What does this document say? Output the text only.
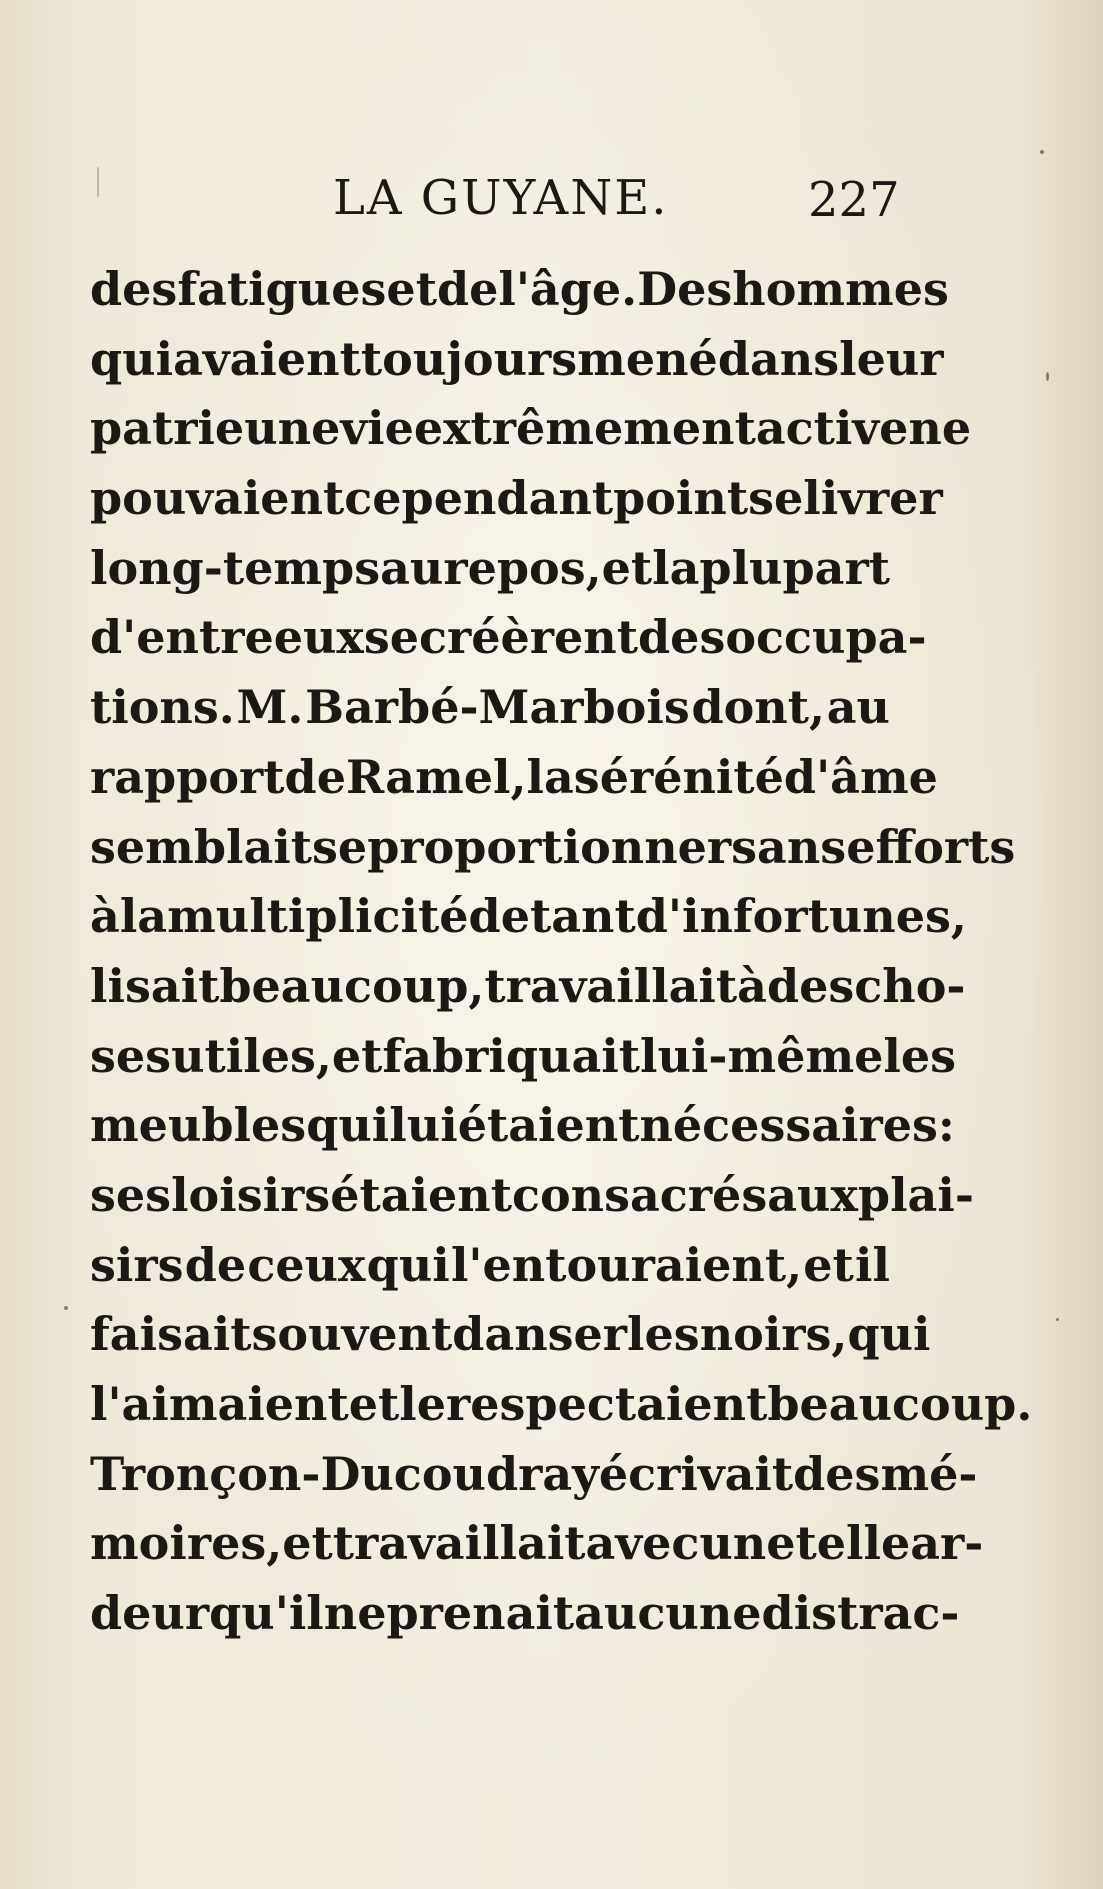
LA GUYANE.	227
des fatigues et de l'âge. Des hommes
qui avaient toujours mené dans leur
patrie une vie extrêmement active ne
pouvaient cependant point se livrer
long-temps au repos, et la plupart
d'entre eux se créèrent des occupa-
tions. M. Barbé-Marbois dont, au
rapport de Ramel, la sérénité d'âme
semblait se proportionner sans efforts
à la multiplicité de tant d'infortunes,
lisait beaucoup, travaillait à des cho-
ses utiles, et fabriquait lui-même les
meubles qui lui étaient nécessaires :
ses loisirs étaient consacrés aux plai-
sirs de ceux qui l'entouraient, et il
faisait souvent danser les noirs, qui
l'aimaient et le respectaient beaucoup.
Tronçon-Ducoudray écrivait des mé-
moires, et travaillait avec une telle ar-
deur qu'il ne prenait aucune distrac-
